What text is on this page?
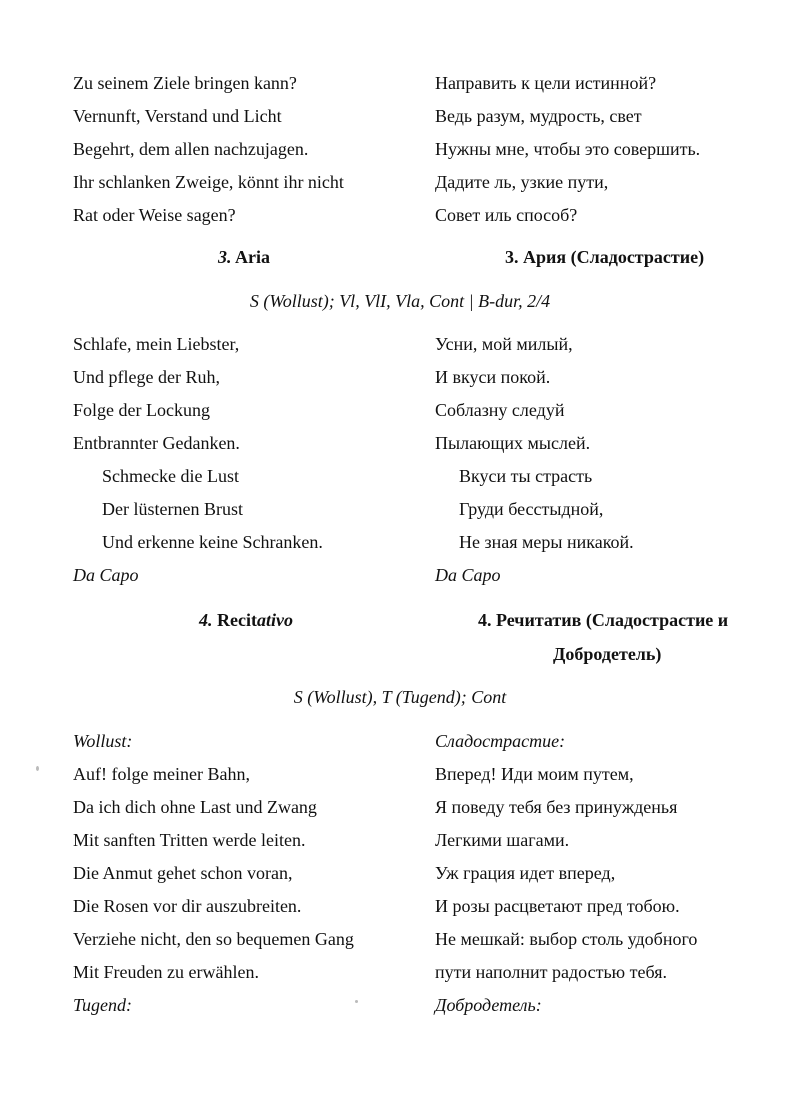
Zu seinem Ziele bringen kann?
Vernunft, Verstand und Licht
Begehrt, dem allen nachzujagen.
Ihr schlanken Zweige, könnt ihr nicht
Rat oder Weise sagen?
Направить к цели истинной?
Ведь разум, мудрость, свет
Нужны мне, чтобы это совершить.
Дадите ль, узкие пути,
Совет иль способ?
3. Aria	3. Ария (Сладострастие)
S (Wollust); Vl, VlI, Vla, Cont | B-dur, 2/4
Schlafe, mein Liebster,
Und pflege der Ruh,
Folge der Lockung
Entbrannter Gedanken.
Schmecke die Lust
Der lüsternen Brust
Und erkenne keine Schranken.
Da Capo
Усни, мой милый,
И вкуси покой.
Соблазну следуй
Пылающих мыслей.
Вкуси ты страсть
Груди бесстыдной,
Не зная меры никакой.
Da Capo
4. Recitativo	4. Речитатив (Сладострастие и
Добродетель)
S (Wollust), T (Tugend); Cont
Wollust:
Auf! folge meiner Bahn,
Da ich dich ohne Last und Zwang
Mit sanften Tritten werde leiten.
Die Anmut gehet schon voran,
Die Rosen vor dir auszubreiten.
Verziehe nicht, den so bequemen Gang
Mit Freuden zu erwählen.
Tugend:
Сладострастие:
Вперед! Иди моим путем,
Я поведу тебя без принужденья
Легкими шагами.
Уж грация идет вперед,
И розы расцветают пред тобою.
Не мешкай: выбор столь удобного
пути наполнит радостью тебя.
Добродетель:
